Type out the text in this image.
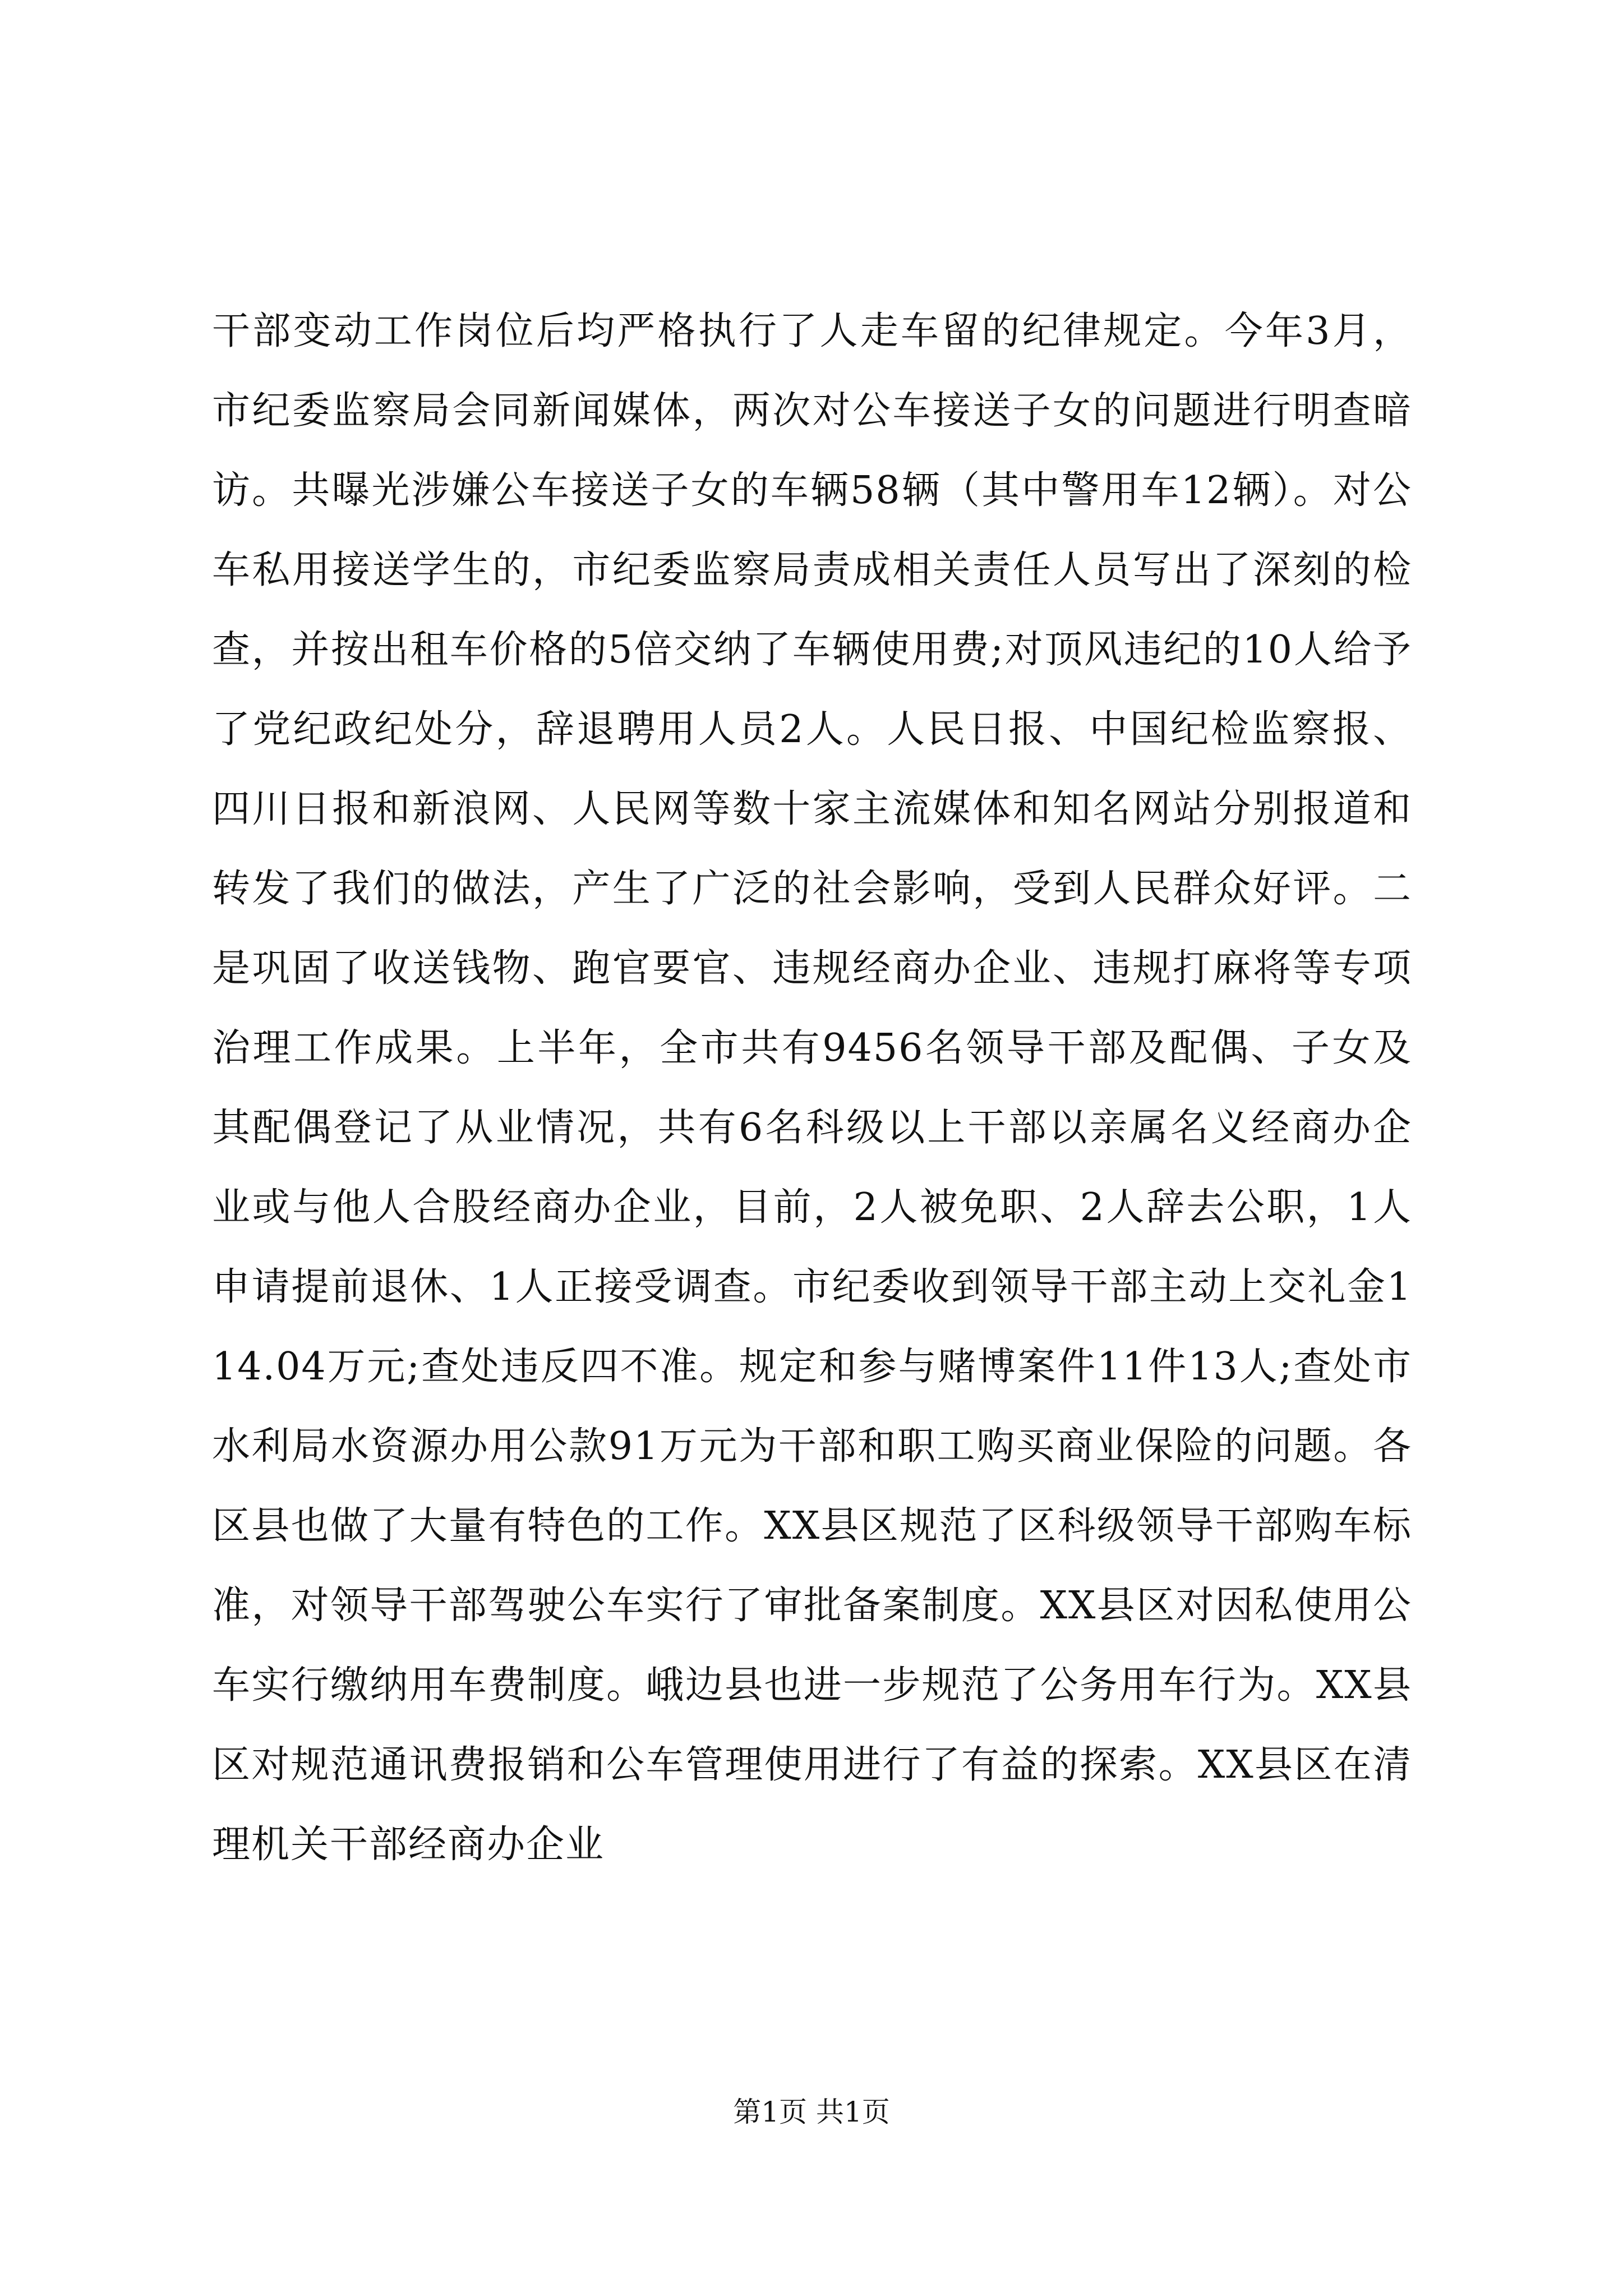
干部变动工作岗位后均严格执行了人走车留的纪律规定。今年3月，市纪委监察局会同新闻媒体，两次对公车接送子女的问题进行明查暗访。共曝光涉嫌公车接送子女的车辆58辆（其中警用车12辆）。对公车私用接送学生的，市纪委监察局责成相关责任人员写出了深刻的检查，并按出租车价格的5倍交纳了车辆使用费;对顶风违纪的10人给予了党纪政纪处分，辞退聘用人员2人。人民日报、中国纪检监察报、四川日报和新浪网、人民网等数十家主流媒体和知名网站分别报道和转发了我们的做法，产生了广泛的社会影响，受到人民群众好评。二是巩固了收送钱物、跑官要官、违规经商办企业、违规打麻将等专项治理工作成果。上半年，全市共有9456名领导干部及配偶、子女及其配偶登记了从业情况，共有6名科级以上干部以亲属名义经商办企业或与他人合股经商办企业，目前，2人被免职、2人辞去公职，1人申请提前退休、1人正接受调查。市纪委收到领导干部主动上交礼金114.04万元;查处违反四不准。规定和参与赌博案件11件13人;查处市水利局水资源办用公款91万元为干部和职工购买商业保险的问题。各区县也做了大量有特色的工作。XX县区规范了区科级领导干部购车标准，对领导干部驾驶公车实行了审批备案制度。XX县区对因私使用公车实行缴纳用车费制度。峨边县也进一步规范了公务用车行为。XX县区对规范通讯费报销和公车管理使用进行了有益的探索。XX县区在清理机关干部经商办企业

第1页 共1页
